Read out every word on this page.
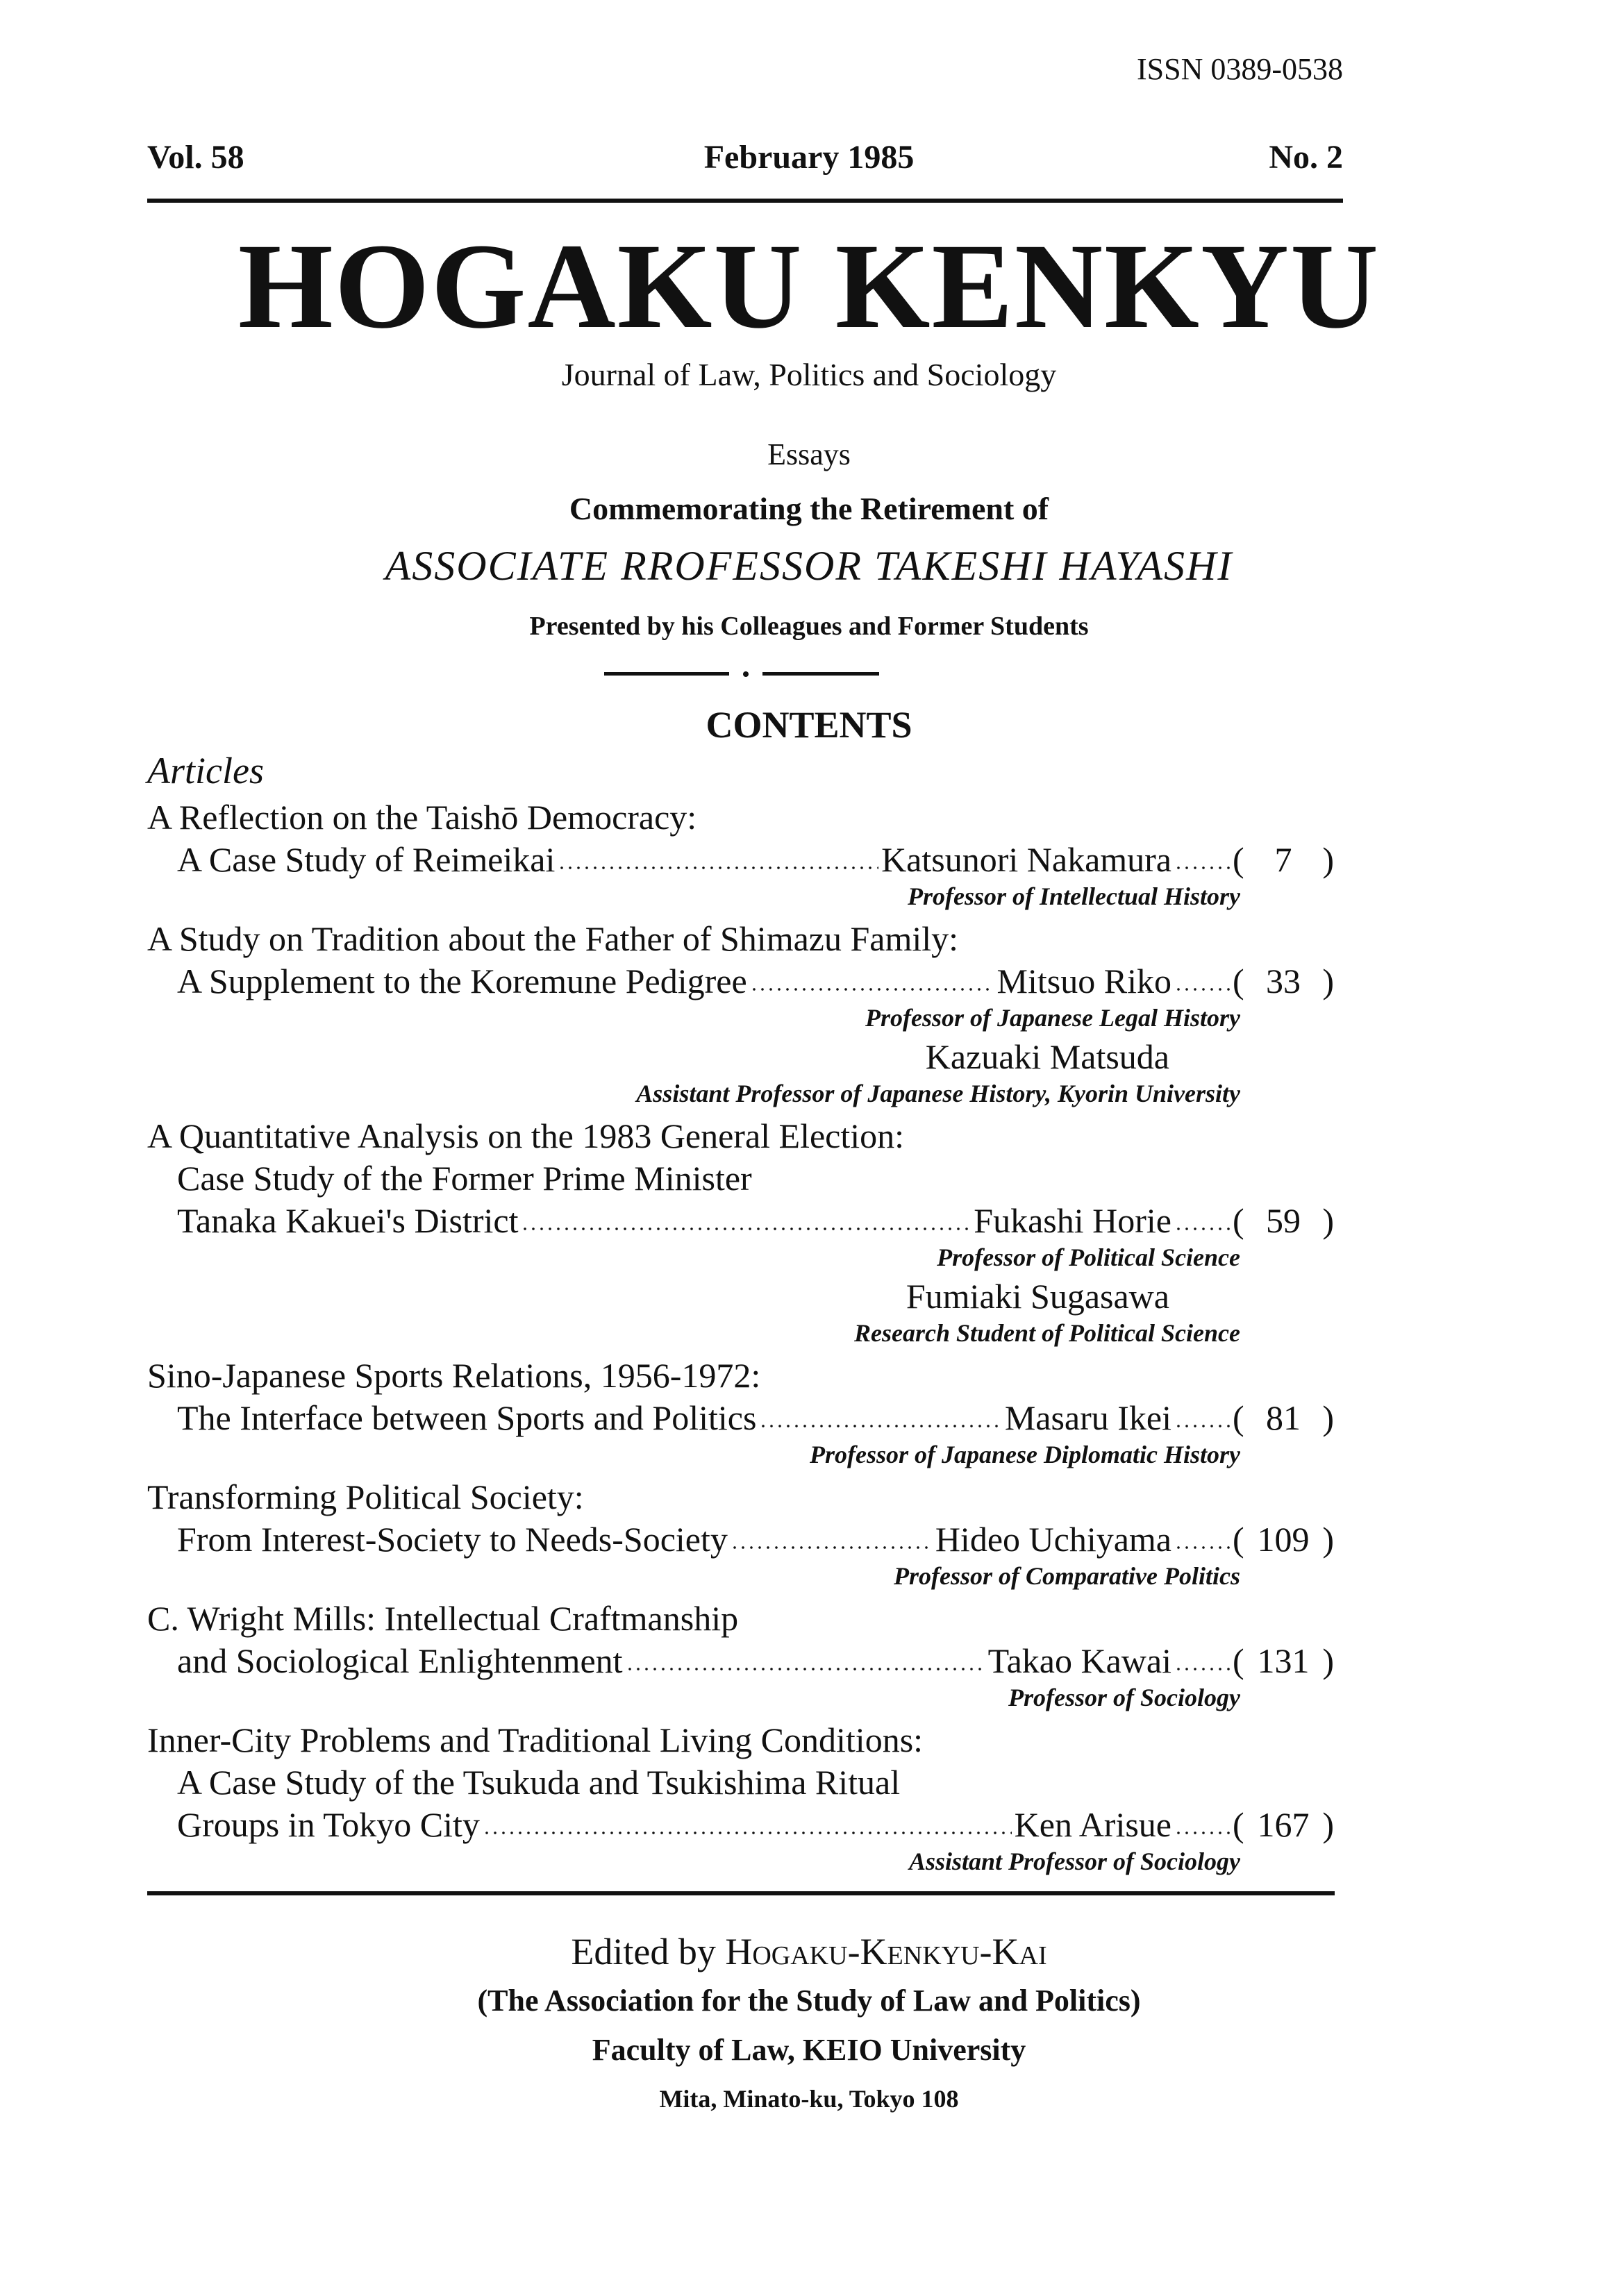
ISSN 0389-0538
Vol. 58	February 1985	No. 2
HOGAKU KENKYU
Journal of Law, Politics and Sociology
Essays
Commemorating the Retirement of
ASSOCIATE RROFESSOR TAKESHI HAYASHI
Presented by his Colleagues and Former Students
CONTENTS
Articles
A Reflection on the Taishō Democracy:
A Case Study of Reimeikai	Katsunori Nakamura ( 7 )
Professor of Intellectual History
A Study on Tradition about the Father of Shimazu Family:
A Supplement to the Koremune Pedigree	Mitsuo Riko ( 33 )
Professor of Japanese Legal History
Kazuaki Matsuda
Assistant Professor of Japanese History, Kyorin University
A Quantitative Analysis on the 1983 General Election:
Case Study of the Former Prime Minister
Tanaka Kakuei's District	Fukashi Horie ( 59 )
Professor of Political Science
Fumiaki Sugasawa
Research Student of Political Science
Sino-Japanese Sports Relations, 1956-1972:
The Interface between Sports and Politics	Masaru Ikei ( 81 )
Professor of Japanese Diplomatic History
Transforming Political Society:
From Interest-Society to Needs-Society	Hideo Uchiyama ( 109 )
Professor of Comparative Politics
C. Wright Mills: Intellectual Craftmanship
and Sociological Enlightenment	Takao Kawai ( 131 )
Professor of Sociology
Inner-City Problems and Traditional Living Conditions:
A Case Study of the Tsukuda and Tsukishima Ritual
Groups in Tokyo City	Ken Arisue ( 167 )
Assistant Professor of Sociology
Edited by Hogaku-Kenkyu-Kai
(The Association for the Study of Law and Politics)
Faculty of Law, KEIO University
Mita, Minato-ku, Tokyo 108
